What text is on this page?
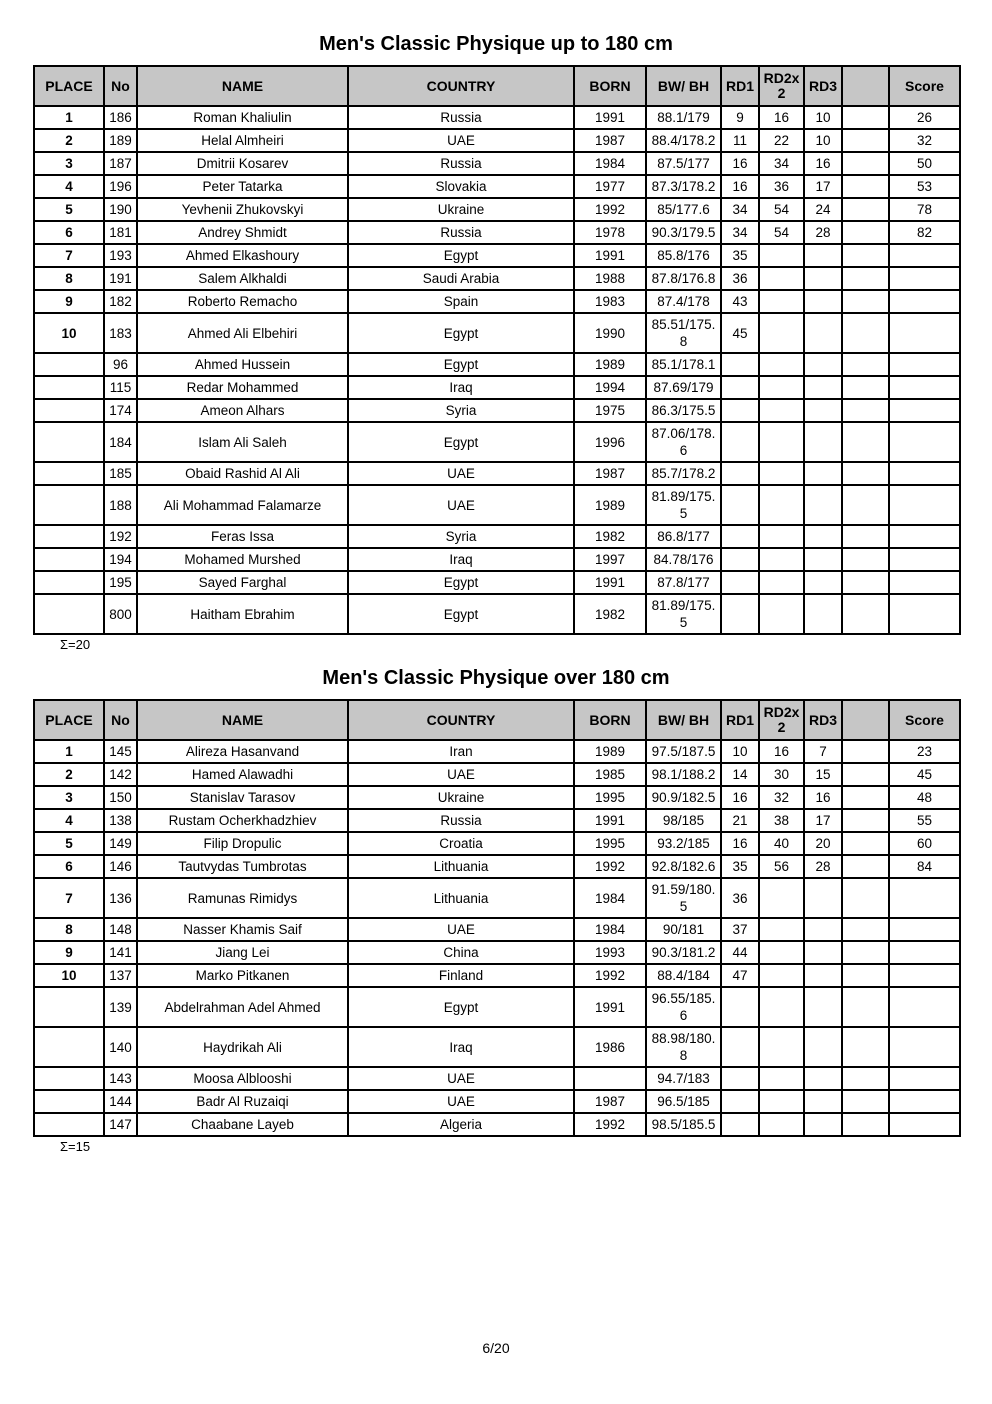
Men's Classic Physique up to 180 cm
PLACE	No	NAME	COUNTRY	BORN	BW/ BH	RD1	RD2x2	RD3		Score
1	186	Roman Khaliulin	Russia	1991	88.1/179	9	16	10		26
2	189	Helal Almheiri	UAE	1987	88.4/178.2	11	22	10		32
3	187	Dmitrii Kosarev	Russia	1984	87.5/177	16	34	16		50
4	196	Peter Tatarka	Slovakia	1977	87.3/178.2	16	36	17		53
5	190	Yevhenii Zhukovskyi	Ukraine	1992	85/177.6	34	54	24		78
6	181	Andrey Shmidt	Russia	1978	90.3/179.5	34	54	28		82
7	193	Ahmed Elkashoury	Egypt	1991	85.8/176	35				
8	191	Salem Alkhaldi	Saudi Arabia	1988	87.8/176.8	36				
9	182	Roberto Remacho	Spain	1983	87.4/178	43				
10	183	Ahmed Ali Elbehiri	Egypt	1990	85.51/175.8	45				
	96	Ahmed Hussein	Egypt	1989	85.1/178.1					
	115	Redar Mohammed	Iraq	1994	87.69/179					
	174	Ameon Alhars	Syria	1975	86.3/175.5					
	184	Islam Ali Saleh	Egypt	1996	87.06/178.6					
	185	Obaid Rashid Al Ali	UAE	1987	85.7/178.2					
	188	Ali Mohammad Falamarze	UAE	1989	81.89/175.5					
	192	Feras Issa	Syria	1982	86.8/177					
	194	Mohamed Murshed	Iraq	1997	84.78/176					
	195	Sayed Farghal	Egypt	1991	87.8/177					
	800	Haitham Ebrahim	Egypt	1982	81.89/175.5					
Σ=20
Men's Classic Physique over 180 cm
PLACE	No	NAME	COUNTRY	BORN	BW/ BH	RD1	RD2x2	RD3		Score
1	145	Alireza Hasanvand	Iran	1989	97.5/187.5	10	16	7		23
2	142	Hamed Alawadhi	UAE	1985	98.1/188.2	14	30	15		45
3	150	Stanislav Tarasov	Ukraine	1995	90.9/182.5	16	32	16		48
4	138	Rustam Ocherkhadzhiev	Russia	1991	98/185	21	38	17		55
5	149	Filip Dropulic	Croatia	1995	93.2/185	16	40	20		60
6	146	Tautvydas Tumbrotas	Lithuania	1992	92.8/182.6	35	56	28		84
7	136	Ramunas Rimidys	Lithuania	1984	91.59/180.5	36				
8	148	Nasser Khamis Saif	UAE	1984	90/181	37				
9	141	Jiang Lei	China	1993	90.3/181.2	44				
10	137	Marko Pitkanen	Finland	1992	88.4/184	47				
	139	Abdelrahman Adel Ahmed	Egypt	1991	96.55/185.6					
	140	Haydrikah Ali	Iraq	1986	88.98/180.8					
	143	Moosa Alblooshi	UAE		94.7/183					
	144	Badr Al Ruzaiqi	UAE	1987	96.5/185					
	147	Chaabane Layeb	Algeria	1992	98.5/185.5					
Σ=15
6/20
